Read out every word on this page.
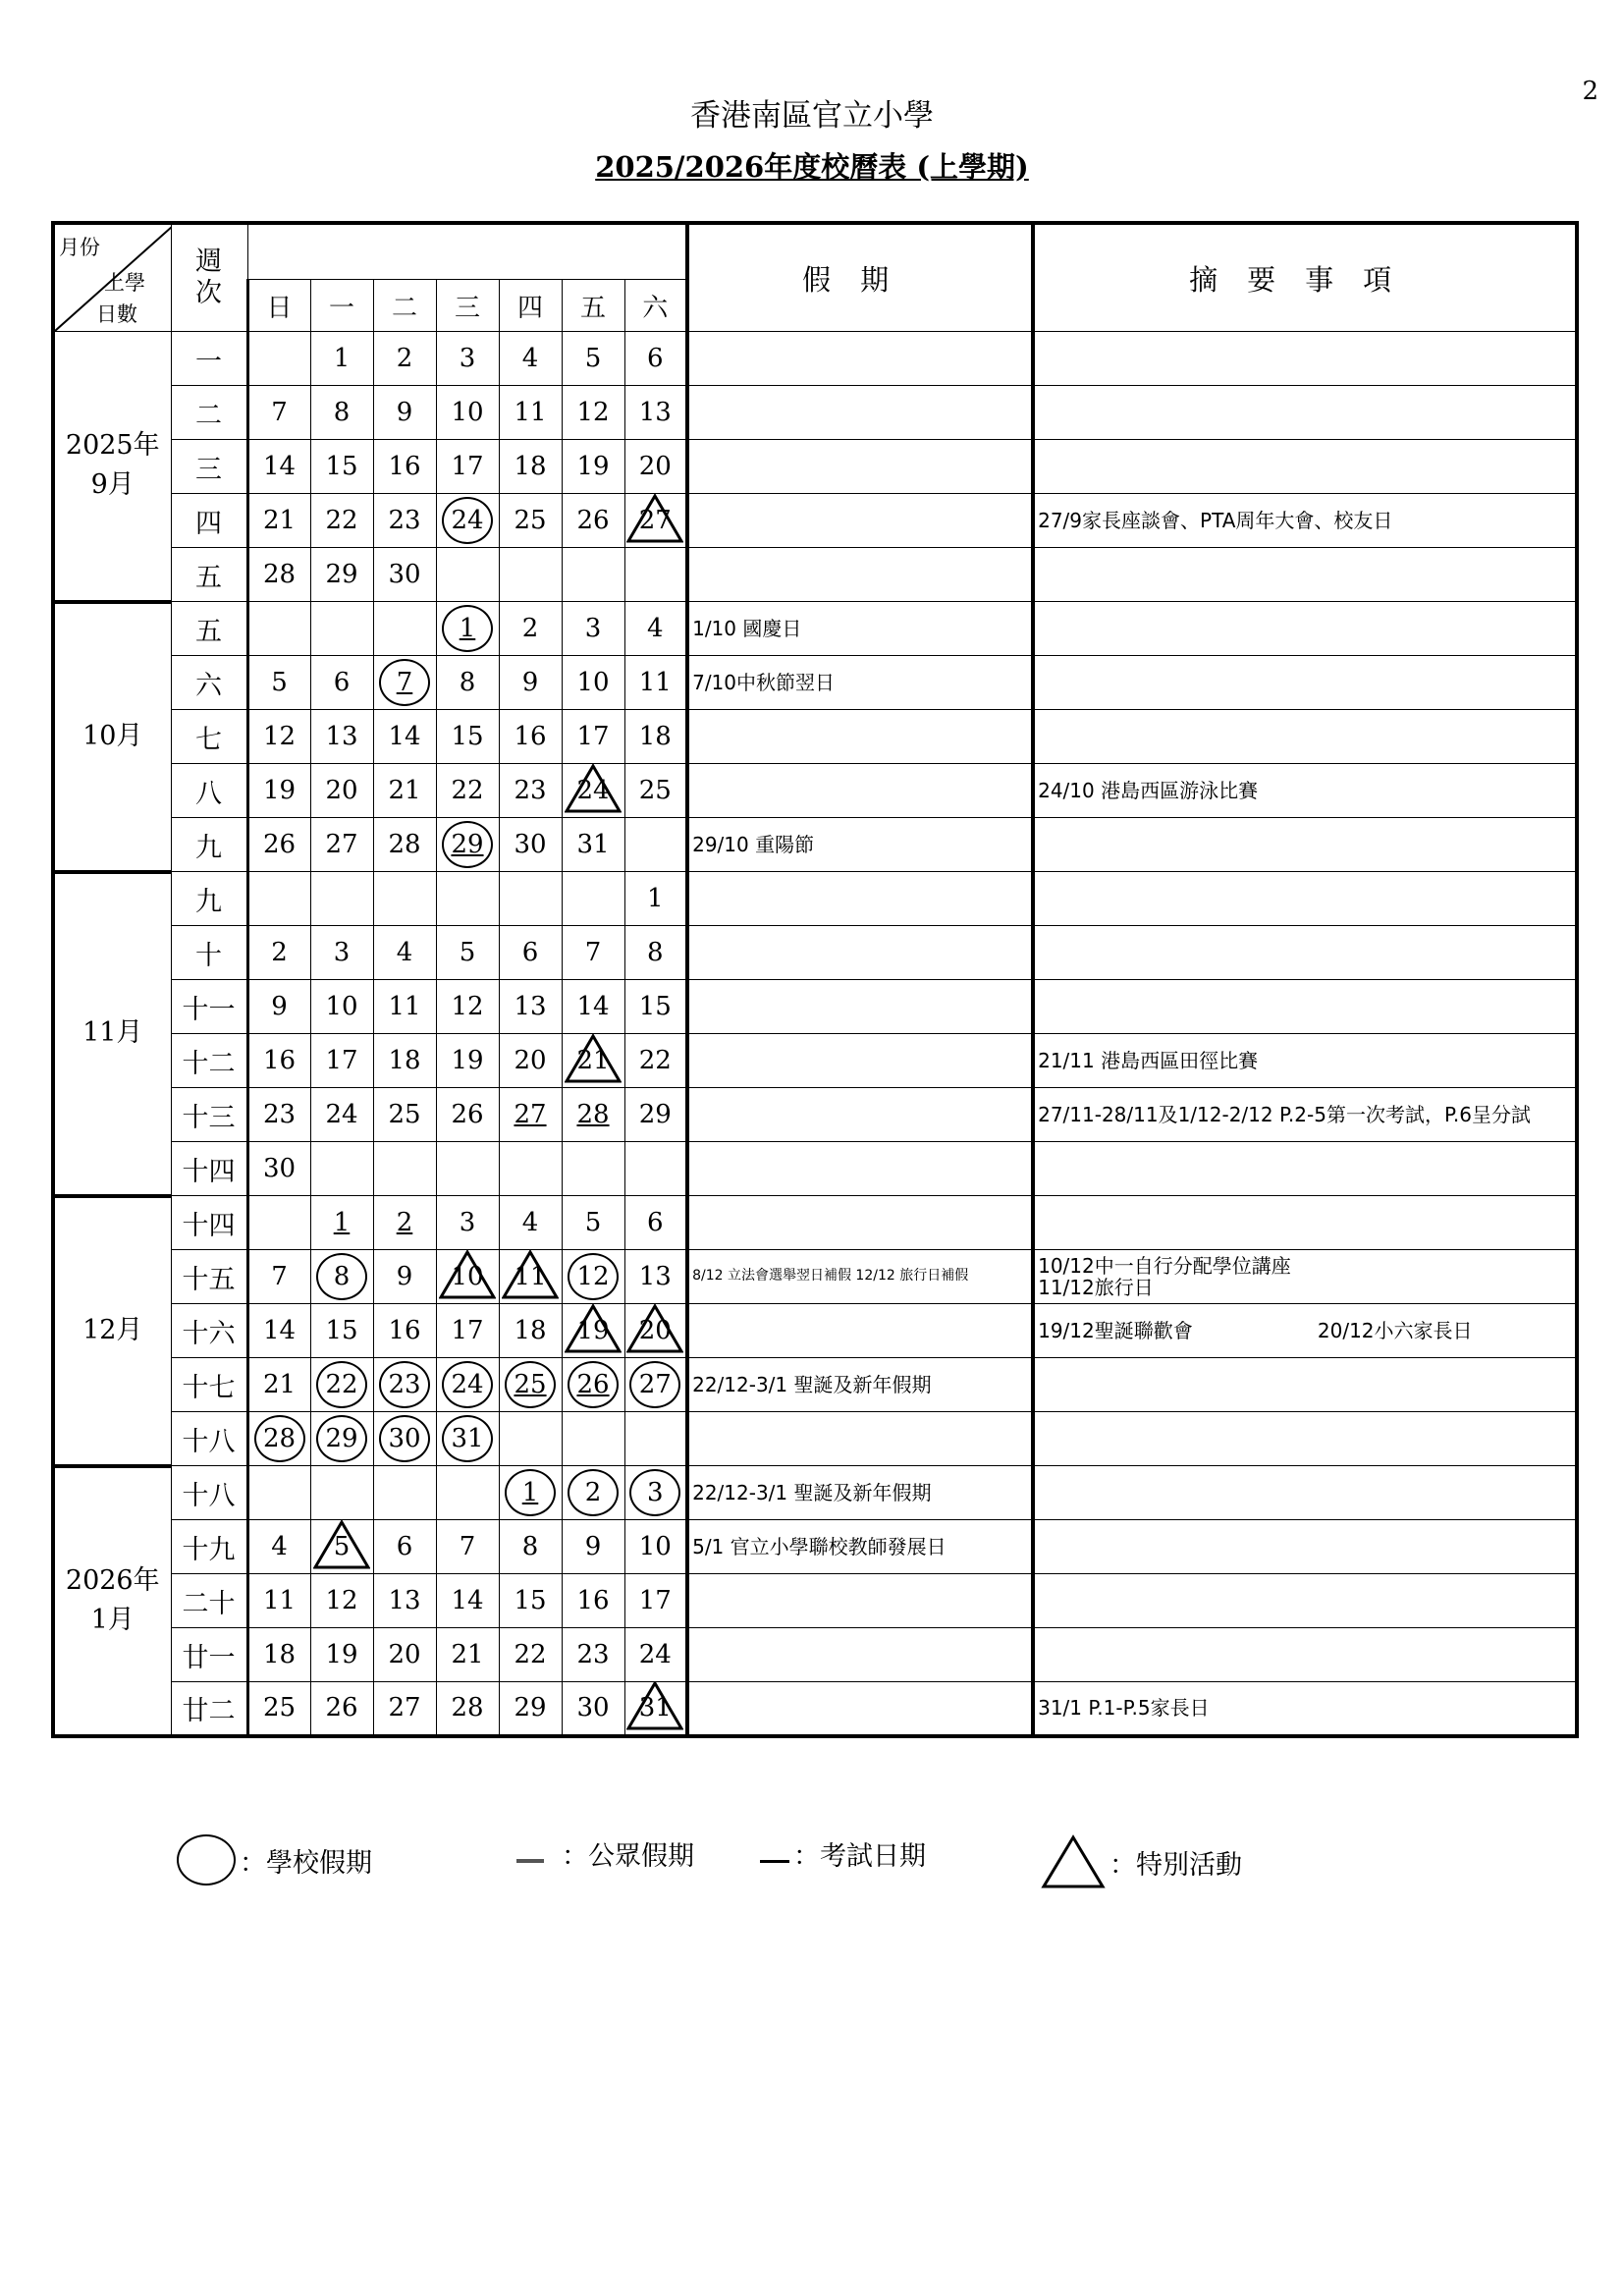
2
香港南區官立小學
2025/2026年度校曆表 (上學期)
月份
上學
日數	週
次								假期	摘要事項
		日	一	二	三	四	五	六		
2025年
9月	一		1	2	3	4	5	6		
	二	7	8	9	10	11	12	13		
	三	14	15	16	17	18	19	20		
	四	21	22	23	24	25	26	27		27/9家長座談會、PTA周年大會、校友日
	五	28	29	30						
10月	五				1	2	3	4	1/10 國慶日	
	六	5	6	7	8	9	10	11	7/10中秋節翌日	
	七	12	13	14	15	16	17	18		
	八	19	20	21	22	23	24	25		24/10 港島西區游泳比賽
	九	26	27	28	29	30	31		29/10 重陽節	
11月	九							1		
	十	2	3	4	5	6	7	8		
	十一	9	10	11	12	13	14	15		
	十二	16	17	18	19	20	21	22		21/11 港島西區田徑比賽
	十三	23	24	25	26	27	28	29		27/11-28/11及1/12-2/12 P.2-5第一次考試，P.6呈分試
	十四	30								
12月	十四		1	2	3	4	5	6		
	十五	7	8	9	10	11	12	13	8/12 立法會選舉翌日補假 12/12 旅行日補假	10/12中一自行分配學位講座
11/12旅行日
	十六	14	15	16	17	18	19	20		19/12聖誕聯歡會                    20/12小六家長日
	十七	21	22	23	24	25	26	27	22/12-3/1 聖誕及新年假期	
	十八	28	29	30	31					
2026年
1月	十八					1	2	3	22/12-3/1 聖誕及新年假期	
	十九	4	5	6	7	8	9	10	5/1 官立小學聯校教師發展日	
	二十	11	12	13	14	15	16	17		
	廿一	18	19	20	21	22	23	24		
	廿二	25	26	27	28	29	30	31		31/1 P.1-P.5家長日
：學校假期	：公眾假期	：考試日期	：特別活動
